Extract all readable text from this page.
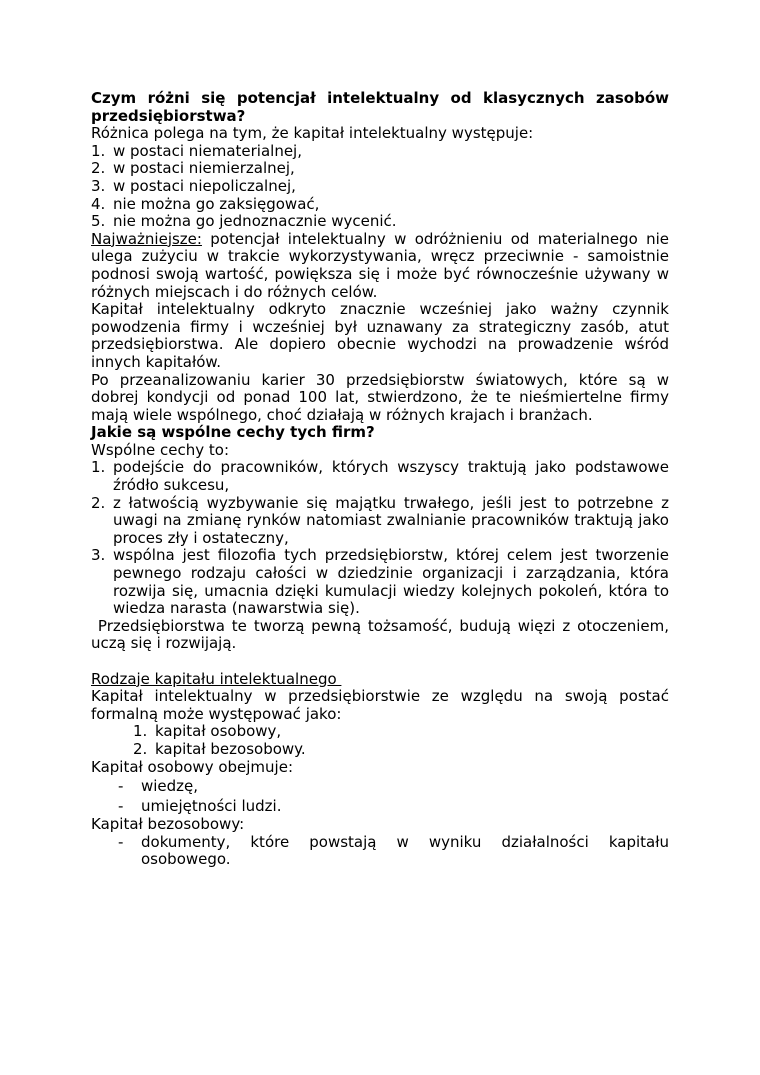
Czym różni się potencjał intelektualny od klasycznych zasobów przedsiębiorstwa?

Różnica polega na tym, że kapitał intelektualny występuje:

1. w postaci niematerialnej,
2. w postaci niemierzalnej,
3. w postaci niepoliczalnej,
4. nie można go zaksięgować,
5. nie można go jednoznacznie wycenić.

Najważniejsze: potencjał intelektualny w odróżnieniu od materialnego nie ulega zużyciu w trakcie wykorzystywania, wręcz przeciwnie - samoistnie podnosi swoją wartość, powiększa się i może być równocześnie używany w różnych miejscach i do różnych celów.

Kapitał intelektualny odkryto znacznie wcześniej jako ważny czynnik powodzenia firmy i wcześniej był uznawany za strategiczny zasób, atut przedsiębiorstwa. Ale dopiero obecnie wychodzi na prowadzenie wśród innych kapitałów.

Po przeanalizowaniu karier 30 przedsiębiorstw światowych, które są w dobrej kondycji od ponad 100 lat, stwierdzono, że te nieśmiertelne firmy mają wiele wspólnego, choć działają w różnych krajach i branżach.

Jakie są wspólne cechy tych firm?

Wspólne cechy to:

1. podejście do pracowników, których wszyscy traktują jako podstawowe źródło sukcesu,
2. z łatwością wyzbywanie się majątku trwałego, jeśli jest to potrzebne z uwagi na zmianę rynków natomiast zwalnianie pracowników traktują jako proces zły i ostateczny,
3. wspólna jest filozofia tych przedsiębiorstw, której celem jest tworzenie pewnego rodzaju całości w dziedzinie organizacji i zarządzania, która rozwija się, umacnia dzięki kumulacji wiedzy kolejnych pokoleń, która to wiedza narasta (nawarstwia się).

Przedsiębiorstwa te tworzą pewną tożsamość, budują więzi z otoczeniem, uczą się i rozwijają.

Rodzaje kapitału intelektualnego

Kapitał intelektualny w przedsiębiorstwie ze względu na swoją postać formalną może występować jako:

1. kapitał osobowy,
2. kapitał bezosobowy.

Kapitał osobowy obejmuje:

-	wiedzę,
-	umiejętności ludzi.

Kapitał bezosobowy:

-	dokumenty, które powstają w wyniku działalności kapitału osobowego.
